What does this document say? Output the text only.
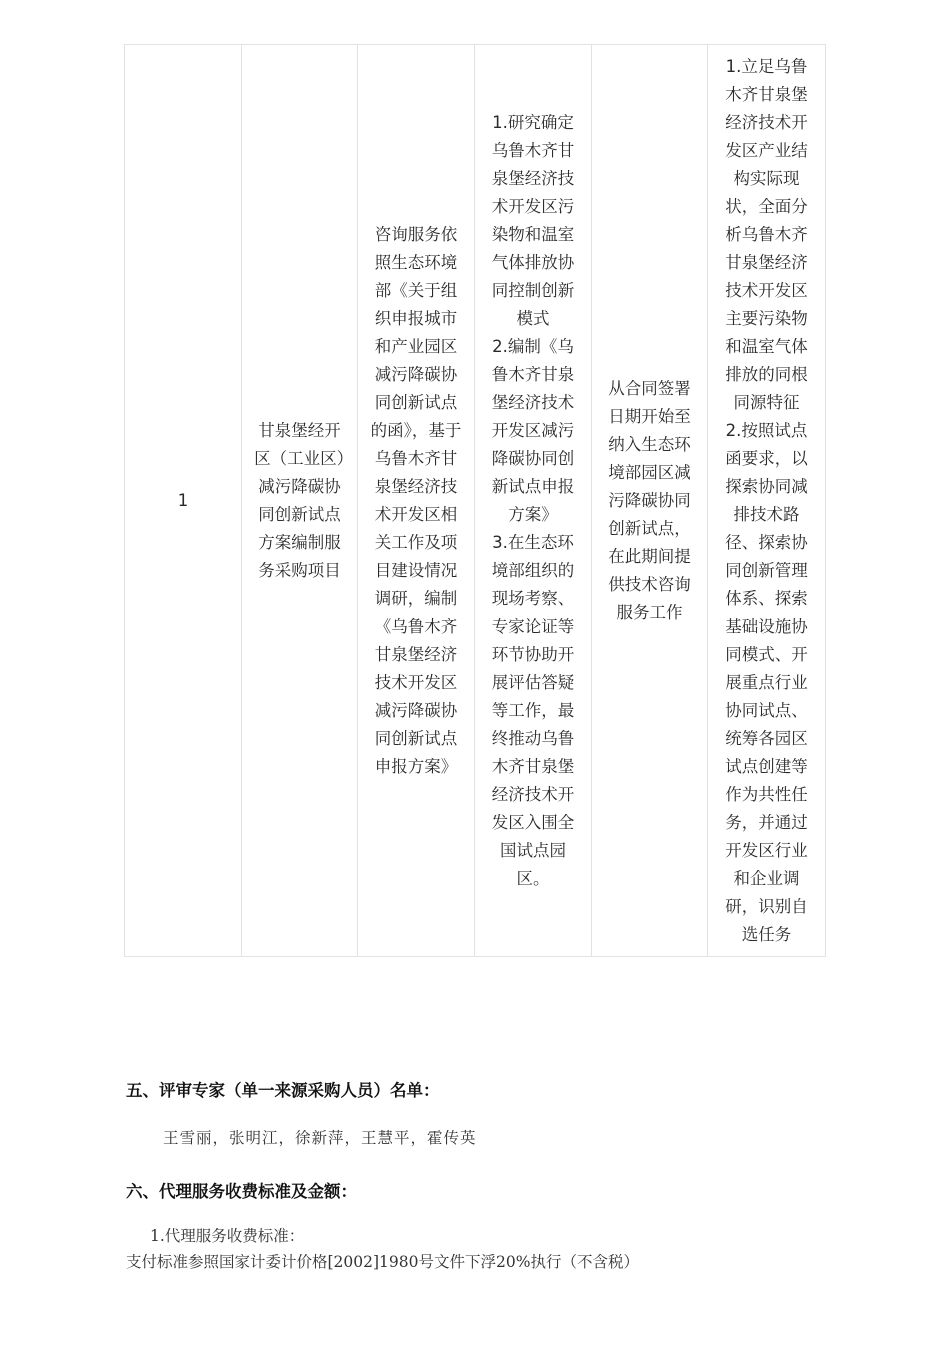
1	甘泉堡经开区（工业区）减污降碳协同创新试点方案编制服务采购项目	咨询服务依照生态环境部《关于组织申报城市和产业园区减污降碳协同创新试点的函》，基于乌鲁木齐甘泉堡经济技术开发区相关工作及项目建设情况调研，编制《乌鲁木齐甘泉堡经济技术开发区减污降碳协同创新试点申报方案》	1.研究确定乌鲁木齐甘泉堡经济技术开发区污染物和温室气体排放协同控制创新模式
2.编制《乌鲁木齐甘泉堡经济技术开发区减污降碳协同创新试点申报方案》
3.在生态环境部组织的现场考察、专家论证等环节协助开展评估答疑等工作，最终推动乌鲁木齐甘泉堡经济技术开发区入围全国试点园区。	从合同签署日期开始至纳入生态环境部园区减污降碳协同创新试点，在此期间提供技术咨询服务工作	1.立足乌鲁木齐甘泉堡经济技术开发区产业结构实际现状，全面分析乌鲁木齐甘泉堡经济技术开发区主要污染物和温室气体排放的同根同源特征
2.按照试点函要求，以探索协同减排技术路径、探索协同创新管理体系、探索基础设施协同模式、开展重点行业协同试点、统筹各园区试点创建等作为共性任务，并通过开发区行业和企业调研，识别自选任务
五、评审专家（单一来源采购人员）名单：
王雪丽，张明江，徐新萍，王慧平，霍传英
六、代理服务收费标准及金额：
1.代理服务收费标准：
支付标准参照国家计委计价格[2002]1980号文件下浮20%执行（不含税）
